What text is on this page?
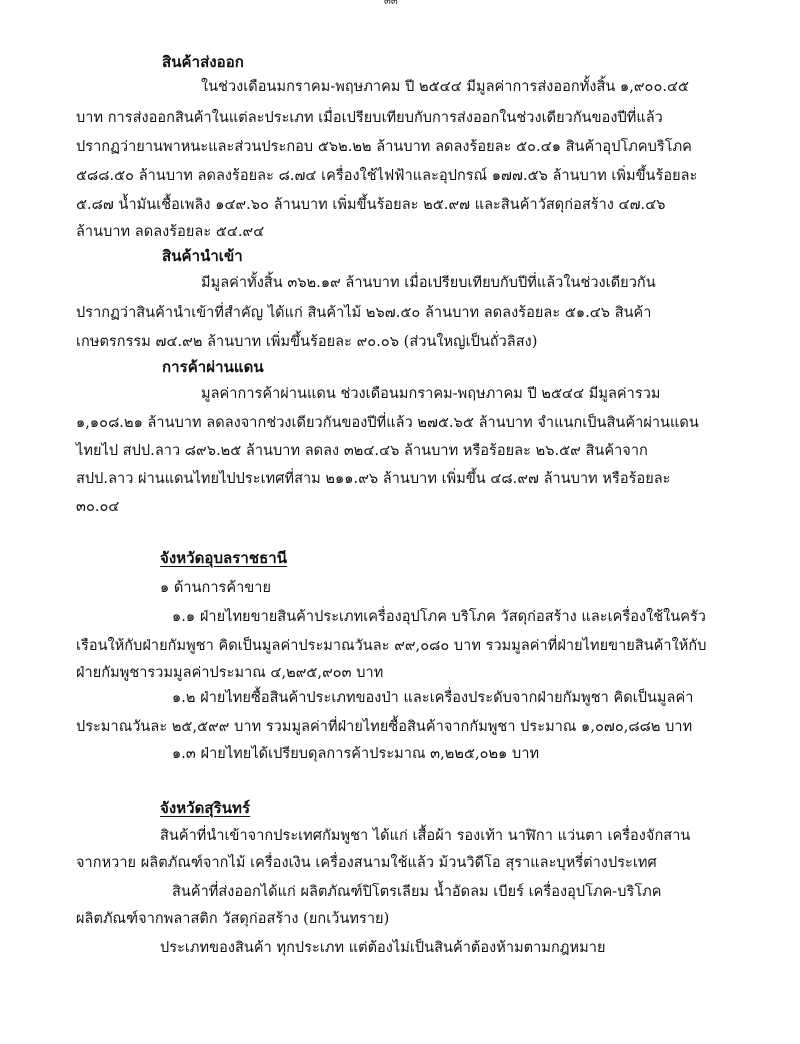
๓๓
สินค้าส่งออก
ในช่วงเดือนมกราคม-พฤษภาคม ปี ๒๕๔๔ มีมูลค่าการส่งออกทั้งสิ้น ๑,๙๐๐.๔๕
บาท การส่งออกสินค้าในแต่ละประเภท เมื่อเปรียบเทียบกับการส่งออกในช่วงเดียวกันของปีที่แล้ว
ปรากฏว่ายานพาหนะและส่วนประกอบ ๕๖๒.๒๒ ล้านบาท ลดลงร้อยละ ๕๐.๔๑ สินค้าอุปโภคบริโภค
๕๘๘.๕๐ ล้านบาท ลดลงร้อยละ ๘.๗๔ เครื่องใช้ไฟฟ้าและอุปกรณ์ ๑๗๗.๕๖ ล้านบาท เพิ่มขึ้นร้อยละ
๕.๘๗ น้ำมันเชื้อเพลิง ๑๔๙.๖๐ ล้านบาท เพิ่มขึ้นร้อยละ ๒๕.๙๗ และสินค้าวัสดุก่อสร้าง ๔๗.๔๖
ล้านบาท ลดลงร้อยละ ๕๔.๙๔
สินค้านำเข้า
มีมูลค่าทั้งสิ้น ๓๖๒.๑๙ ล้านบาท เมื่อเปรียบเทียบกับปีที่แล้วในช่วงเดียวกัน
ปรากฏว่าสินค้านำเข้าที่สำคัญ ได้แก่ สินค้าไม้ ๒๖๗.๕๐ ล้านบาท ลดลงร้อยละ ๕๑.๔๖ สินค้า
เกษตรกรรม ๗๔.๙๒ ล้านบาท เพิ่มขึ้นร้อยละ ๙๐.๐๖ (ส่วนใหญ่เป็นถั่วลิสง)
การค้าผ่านแดน
มูลค่าการค้าผ่านแดน ช่วงเดือนมกราคม-พฤษภาคม ปี ๒๕๔๔ มีมูลค่ารวม
๑,๑๐๘.๒๑ ล้านบาท ลดลงจากช่วงเดียวกันของปีที่แล้ว ๒๗๕.๖๕ ล้านบาท จำแนกเป็นสินค้าผ่านแดน
ไทยไป สปป.ลาว ๘๙๖.๒๕ ล้านบาท ลดลง ๓๒๔.๔๖ ล้านบาท หรือร้อยละ ๒๖.๕๙ สินค้าจาก
สปป.ลาว ผ่านแดนไทยไปประเทศที่สาม ๒๑๑.๙๖ ล้านบาท เพิ่มขึ้น ๔๘.๙๗ ล้านบาท หรือร้อยละ
๓๐.๐๔
จังหวัดอุบลราชธานี
๑ ด้านการค้าขาย
๑.๑ ฝ่ายไทยขายสินค้าประเภทเครื่องอุปโภค บริโภค วัสดุก่อสร้าง และเครื่องใช้ในครัว
เรือนให้กับฝ่ายกัมพูชา คิดเป็นมูลค่าประมาณวันละ ๙๙,๐๘๐ บาท รวมมูลค่าที่ฝ่ายไทยขายสินค้าให้กับ
ฝ่ายกัมพูชารวมมูลค่าประมาณ ๔,๒๙๕,๙๐๓ บาท
๑.๒ ฝ่ายไทยซื้อสินค้าประเภทของป่า และเครื่องประดับจากฝ่ายกัมพูชา คิดเป็นมูลค่า
ประมาณวันละ ๒๕,๕๙๙ บาท รวมมูลค่าที่ฝ่ายไทยซื้อสินค้าจากกัมพูชา ประมาณ ๑,๐๗๐,๘๘๒ บาท
๑.๓ ฝ่ายไทยได้เปรียบดุลการค้าประมาณ ๓,๒๒๕,๐๒๑ บาท
จังหวัดสุรินทร์
สินค้าที่นำเข้าจากประเทศกัมพูชา ได้แก่ เสื้อผ้า รองเท้า นาฬิกา แว่นตา เครื่องจักสาน
จากหวาย ผลิตภัณฑ์จากไม้ เครื่องเงิน เครื่องสนามใช้แล้ว ม้วนวิดีโอ สุราและบุหรี่ต่างประเทศ
สินค้าที่ส่งออกได้แก่ ผลิตภัณฑ์ปิโตรเลียม น้ำอัดลม เบียร์ เครื่องอุปโภค-บริโภค
ผลิตภัณฑ์จากพลาสติก วัสดุก่อสร้าง (ยกเว้นทราย)
ประเภทของสินค้า ทุกประเภท แต่ต้องไม่เป็นสินค้าต้องห้ามตามกฎหมาย
